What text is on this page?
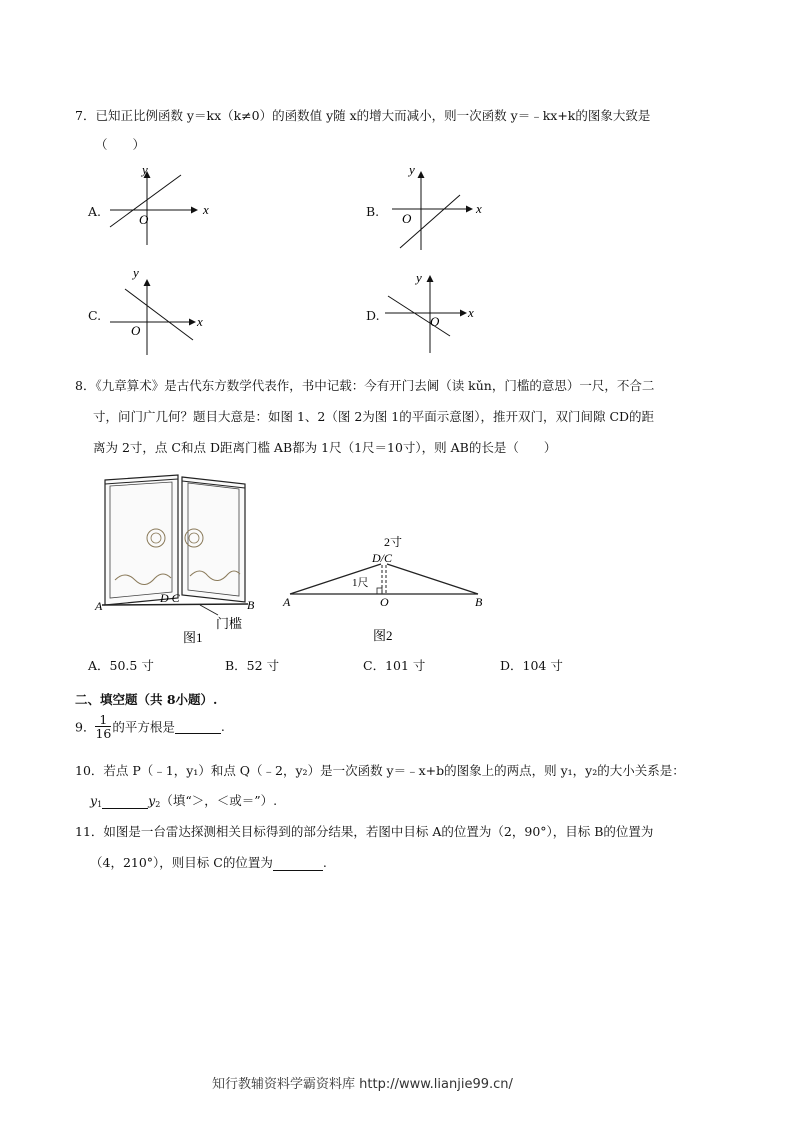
7．已知正比例函数 y＝kx（k≠0）的函数值 y随 x的增大而减小，则一次函数 y＝﹣kx+k的图象大致是
（　　）
A.	x
y
O
B.	x
y
O
C.	x
y
O
D.	x
y
O
8．《九章算术》是古代东方数学代表作，书中记载：今有开门去阃（读 kǔn，门槛的意思）一尺，不合二
寸，问门广几何？题目大意是：如图 1、2（图 2为图 1的平面示意图），推开双门，双门间隙 CD的距
离为 2寸，点 C和点 D距离门槛 AB都为 1尺（1尺＝10寸），则 AB的长是（　　）
A	B
D C
门槛
图1
2寸
D/C
1尺
A	O	B
图2
A．50.5 寸	B．52 寸	C．101 寸	D．104 寸
二、填空题（共 8小题）.
9． $\frac{1}{16}$ 的平方根是	.
10．若点 P（﹣1，y₁）和点 Q（﹣2，y₂）是一次函数 y＝﹣x+b的图象上的两点，则 y₁，y₂的大小关系是：
$y_1$	$y_2$（填“＞，＜或＝”）.
11．如图是一台雷达探测相关目标得到的部分结果，若图中目标 A的位置为（2，90°），目标 B的位置为
（4，210°），则目标 C的位置为	.
知行教辅资料学霸资料库 http://www.lianjie99.cn/
